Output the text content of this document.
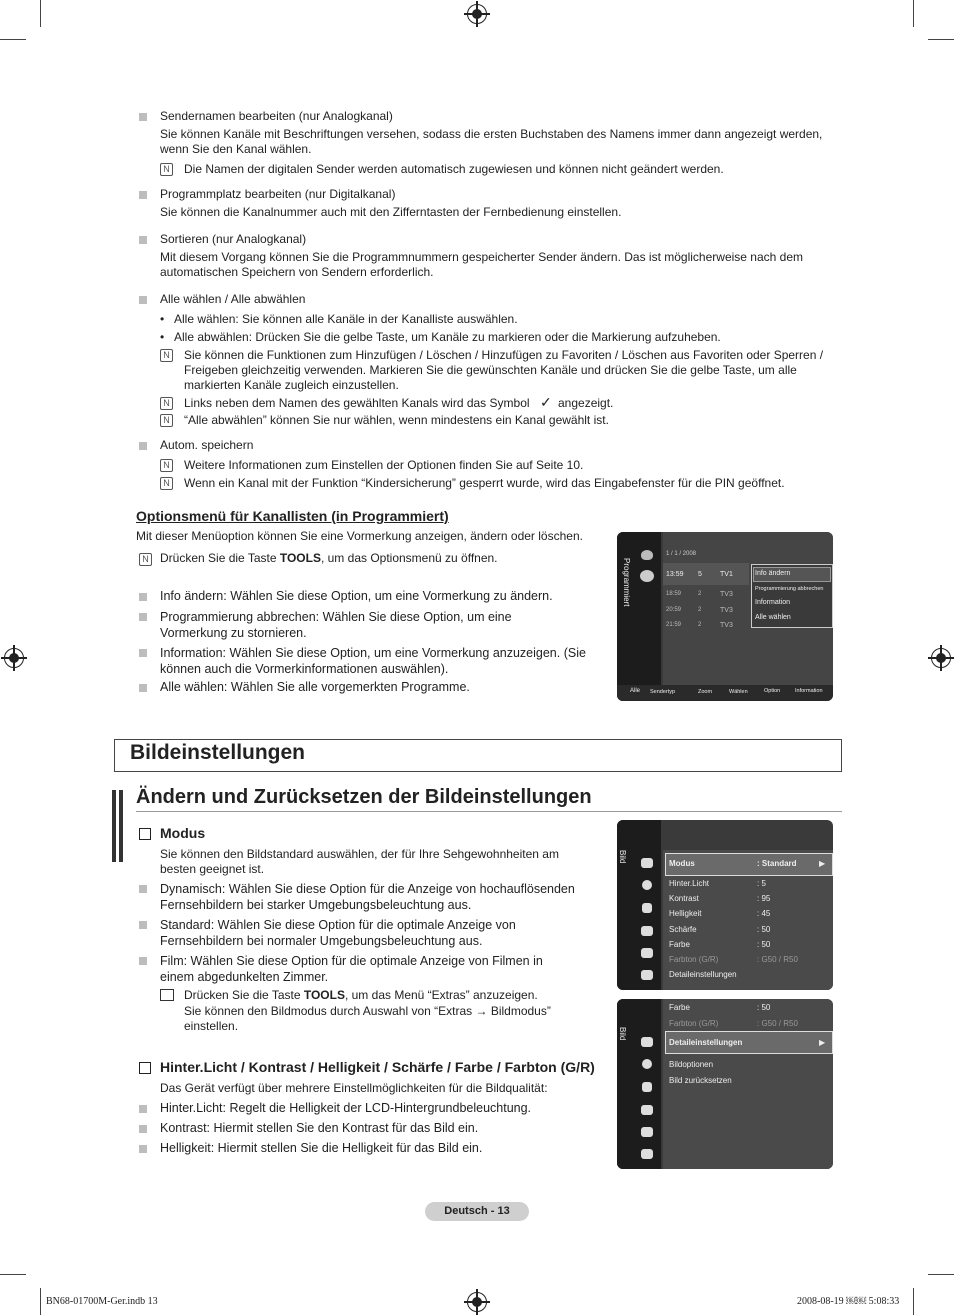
Sendernamen bearbeiten (nur Analogkanal)
Sie können Kanäle mit Beschriftungen versehen, sodass die ersten Buchstaben des Namens immer dann angezeigt werden, wenn Sie den Kanal wählen.
N Die Namen der digitalen Sender werden automatisch zugewiesen und können nicht geändert werden.
Programmplatz bearbeiten (nur Digitalkanal)
Sie können die Kanalnummer auch mit den Zifferntasten der Fernbedienung einstellen.
Sortieren (nur Analogkanal)
Mit diesem Vorgang können Sie die Programmnummern gespeicherter Sender ändern. Das ist möglicherweise nach dem automatischen Speichern von Sendern erforderlich.
Alle wählen / Alle abwählen
• Alle wählen: Sie können alle Kanäle in der Kanalliste auswählen.
• Alle abwählen: Drücken Sie die gelbe Taste, um Kanäle zu markieren oder die Markierung aufzuheben.
N Sie können die Funktionen zum Hinzufügen / Löschen / Hinzufügen zu Favoriten / Löschen aus Favoriten oder Sperren / Freigeben gleichzeitig verwenden. Markieren Sie die gewünschten Kanäle und drücken Sie die gelbe Taste, um alle markierten Kanäle zugleich einzustellen.
N Links neben dem Namen des gewählten Kanals wird das Symbol ✓ angezeigt.
N “Alle abwählen” können Sie nur wählen, wenn mindestens ein Kanal gewählt ist.
Autom. speichern
N Weitere Informationen zum Einstellen der Optionen finden Sie auf Seite 10.
N Wenn ein Kanal mit der Funktion “Kindersicherung” gesperrt wurde, wird das Eingabefenster für die PIN geöffnet.
Optionsmenü für Kanallisten (in Programmiert)
Mit dieser Menüoption können Sie eine Vormerkung anzeigen, ändern oder löschen.
N Drücken Sie die Taste TOOLS, um das Optionsmenü zu öffnen.
Info ändern: Wählen Sie diese Option, um eine Vormerkung zu ändern.
Programmierung abbrechen: Wählen Sie diese Option, um eine Vormerkung zu stornieren.
Information: Wählen Sie diese Option, um eine Vormerkung anzuzeigen. (Sie können auch die Vormerkinformationen auswählen).
Alle wählen: Wählen Sie alle vorgemerkten Programme.
Programmiert
1 / 1 / 2008
13:59 5	TV1
18:59	2	TV3
20:59	2	TV3
21:59	2	TV3
Info ändern
Programmierung abbrechen
Information
Alle wählen
Alle Sendertyp	Zoom	Wählen	Option	Information
Bildeinstellungen
Ändern und Zurücksetzen der Bildeinstellungen
Modus
Sie können den Bildstandard auswählen, der für Ihre Sehgewohnheiten am besten geeignet ist.
Dynamisch: Wählen Sie diese Option für die Anzeige von hochauflösenden Fernsehbildern bei starker Umgebungsbeleuchtung aus.
Standard: Wählen Sie diese Option für die optimale Anzeige von Fernsehbildern bei normaler Umgebungsbeleuchtung aus.
Film: Wählen Sie diese Option für die optimale Anzeige von Filmen in einem abgedunkelten Zimmer.
Drücken Sie die Taste TOOLS, um das Menü “Extras” anzuzeigen.
Sie können den Bildmodus durch Auswahl von “Extras → Bildmodus” einstellen.
Hinter.Licht / Kontrast / Helligkeit / Schärfe / Farbe / Farbton (G/R)
Das Gerät verfügt über mehrere Einstellmöglichkeiten für die Bildqualität:
Hinter.Licht: Regelt die Helligkeit der LCD-Hintergrundbeleuchtung.
Kontrast: Hiermit stellen Sie den Kontrast für das Bild ein.
Helligkeit: Hiermit stellen Sie die Helligkeit für das Bild ein.
Bild
Modus	: Standard	▶
Hinter.Licht	: 5
Kontrast	: 95
Helligkeit	: 45
Schärfe	: 50
Farbe	: 50
Farbton (G/R)	: G50 / R50
Detaileinstellungen
Bild
Farbe	: 50
Farbton (G/R)	: G50 / R50
Detaileinstellungen	▶
Bildoptionen
Bild zurücksetzen
Deutsch - 13
BN68-01700M-Ger.indb 13	2008-08-19 ￼￼ 5:08:33
